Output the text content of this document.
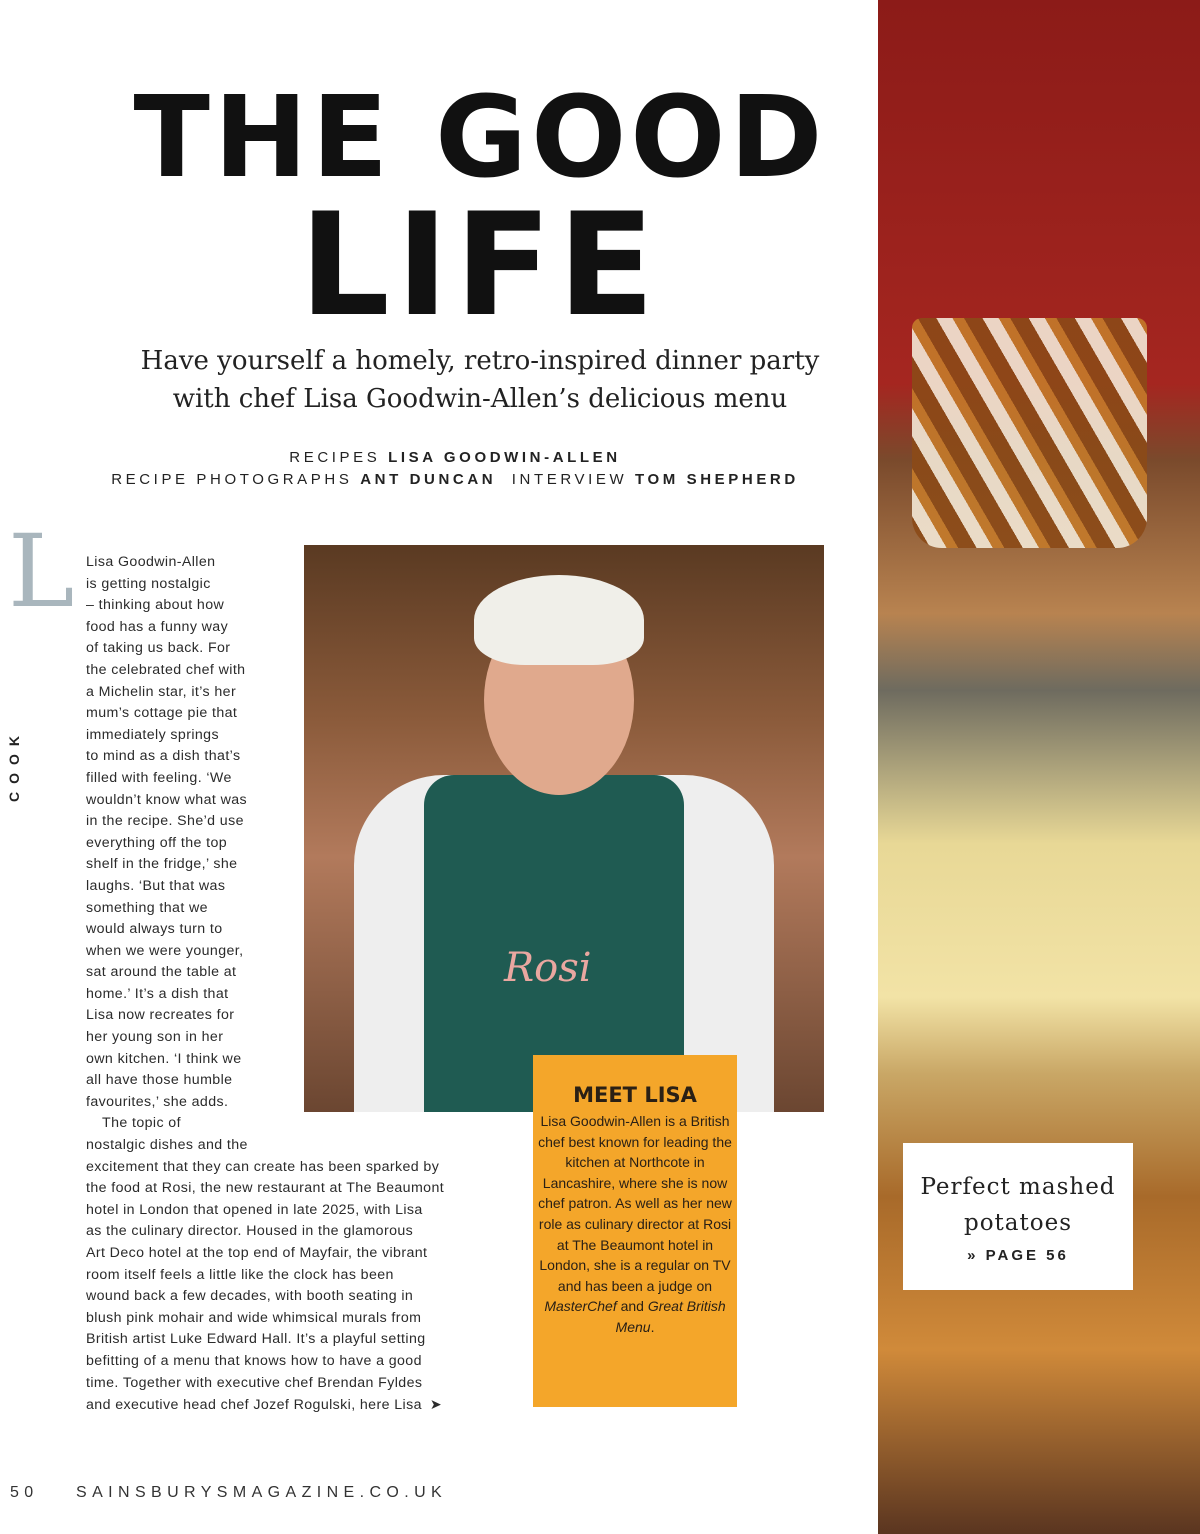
THE GOOD
LIFE
Have yourself a homely, retro-inspired dinner party
with chef Lisa Goodwin-Allen’s delicious menu
RECIPES LISA GOODWIN-ALLEN
RECIPE PHOTOGRAPHS ANT DUNCAN INTERVIEW TOM SHEPHERD
L
COOK
Lisa Goodwin-Allen
is getting nostalgic
– thinking about how
food has a funny way
of taking us back. For
the celebrated chef with
a Michelin star, it’s her
mum’s cottage pie that
immediately springs
to mind as a dish that’s
filled with feeling. ‘We
wouldn’t know what was
in the recipe. She’d use
everything off the top
shelf in the fridge,’ she
laughs. ‘But that was
something that we
would always turn to
when we were younger,
sat around the table at
home.’ It’s a dish that
Lisa now recreates for
her young son in her
own kitchen. ‘I think we
all have those humble
favourites,’ she adds.
The topic of
nostalgic dishes and the
excitement that they can create has been sparked by
the food at Rosi, the new restaurant at The Beaumont
hotel in London that opened in late 2025, with Lisa
as the culinary director. Housed in the glamorous
Art Deco hotel at the top end of Mayfair, the vibrant
room itself feels a little like the clock has been
wound back a few decades, with booth seating in
blush pink mohair and wide whimsical murals from
British artist Luke Edward Hall. It’s a playful setting
befitting of a menu that knows how to have a good
time. Together with executive chef Brendan Fyldes
and executive head chef Jozef Rogulski, here Lisa ➤
Rosi
MEET LISA

Lisa Goodwin-Allen is a British chef best known for leading the kitchen at Northcote in Lancashire, where she is now chef patron. As well as her new role as culinary director at Rosi at The Beaumont hotel in London, she is a regular on TV and has been a judge on MasterChef and Great British Menu.

Perfect mashed
potatoes
» PAGE 56
50 SAINSBURYSMAGAZINE.CO.UK
